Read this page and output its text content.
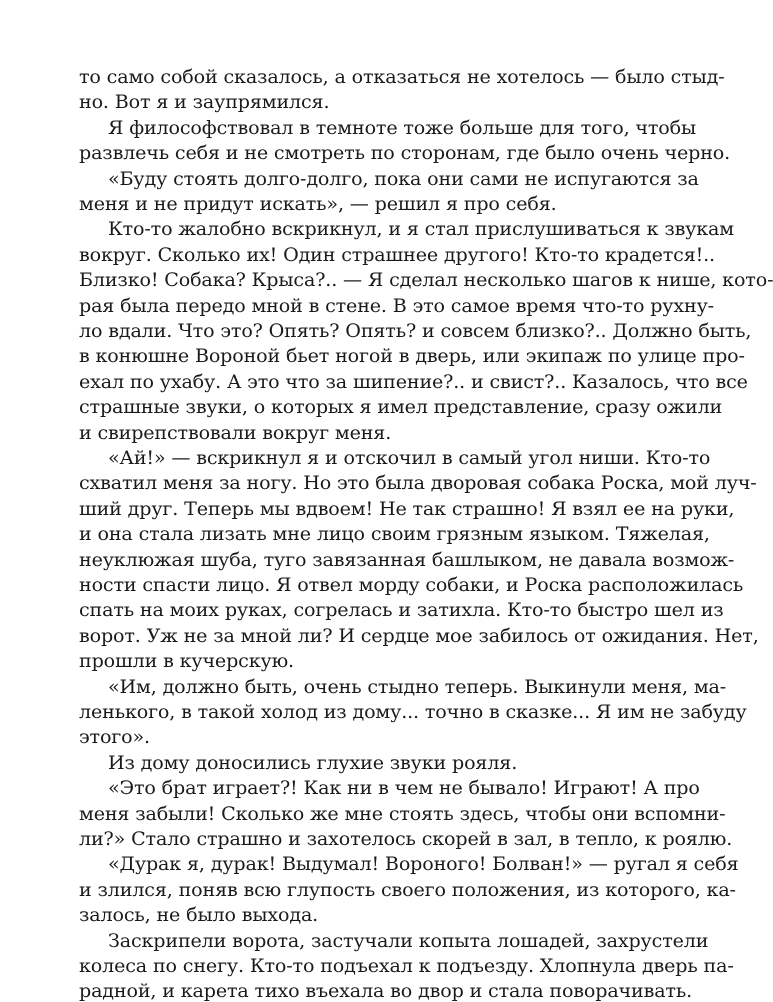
то само собой сказалось, а отказаться не хотелось — было стыд-
но. Вот я и заупрямился.
Я философствовал в темноте тоже больше для того, чтобы
развлечь себя и не смотреть по сторонам, где было очень черно.
«Буду стоять долго-долго, пока они сами не испугаются за
меня и не придут искать», — решил я про себя.
Кто-то жалобно вскрикнул, и я стал прислушиваться к звукам
вокруг. Сколько их! Один страшнее другого! Кто-то крадется!..
Близко! Собака? Крыса?.. — Я сделал несколько шагов к нише, кото-
рая была передо мной в стене. В это самое время что-то рухну-
ло вдали. Что это? Опять? Опять? и совсем близко?.. Должно быть,
в конюшне Вороной бьет ногой в дверь, или экипаж по улице про-
ехал по ухабу. А это что за шипение?.. и свист?.. Казалось, что все
страшные звуки, о которых я имел представление, сразу ожили
и свирепствовали вокруг меня.
«Ай!» — вскрикнул я и отскочил в самый угол ниши. Кто-то
схватил меня за ногу. Но это была дворовая собака Роска, мой луч-
ший друг. Теперь мы вдвоем! Не так страшно! Я взял ее на руки,
и она стала лизать мне лицо своим грязным языком. Тяжелая,
неуклюжая шуба, туго завязанная башлыком, не давала возмож-
ности спасти лицо. Я отвел морду собаки, и Роска расположилась
спать на моих руках, согрелась и затихла. Кто-то быстро шел из
ворот. Уж не за мной ли? И сердце мое забилось от ожидания. Нет,
прошли в кучерскую.
«Им, должно быть, очень стыдно теперь. Выкинули меня, ма-
ленького, в такой холод из дому... точно в сказке... Я им не забуду
этого».
Из дому доносились глухие звуки рояля.
«Это брат играет?! Как ни в чем не бывало! Играют! А про
меня забыли! Сколько же мне стоять здесь, чтобы они вспомни-
ли?» Стало страшно и захотелось скорей в зал, в тепло, к роялю.
«Дурак я, дурак! Выдумал! Вороного! Болван!» — ругал я себя
и злился, поняв всю глупость своего положения, из которого, ка-
залось, не было выхода.
Заскрипели ворота, застучали копыта лошадей, захрустели
колеса по снегу. Кто-то подъехал к подъезду. Хлопнула дверь па-
радной, и карета тихо въехала во двор и стала поворачивать.
